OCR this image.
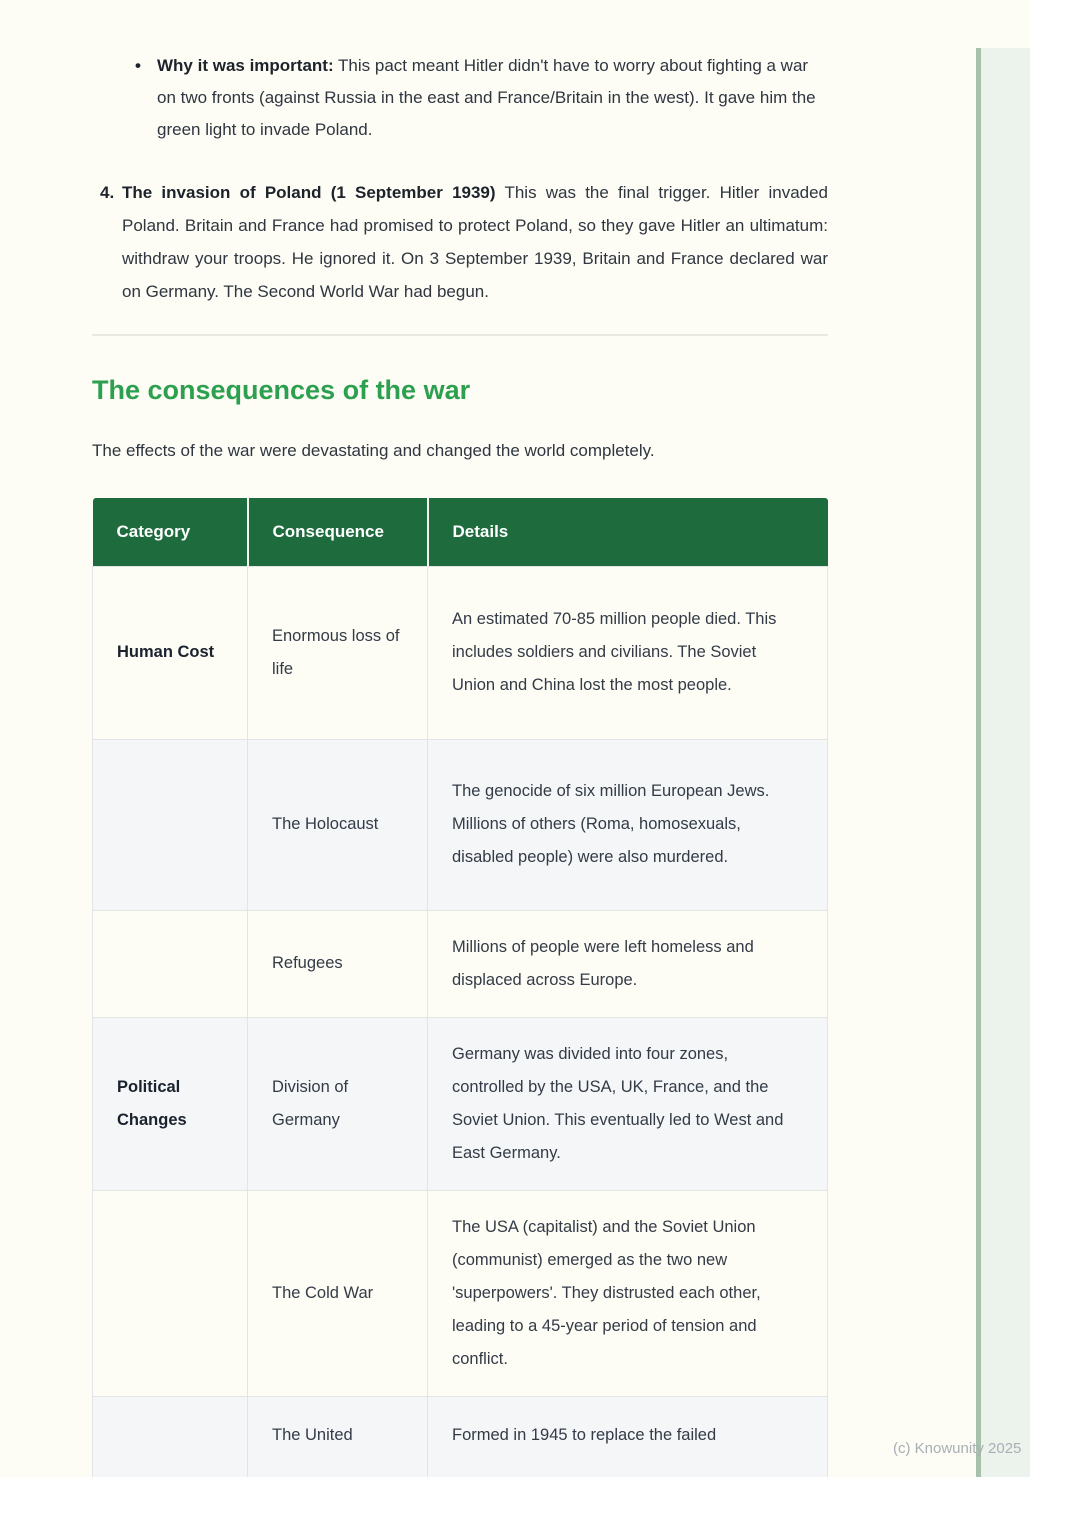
• Why it was important: This pact meant Hitler didn't have to worry about fighting a war on two fronts (against Russia in the east and France/Britain in the west). It gave him the green light to invade Poland.
4. The invasion of Poland (1 September 1939) This was the final trigger. Hitler invaded Poland. Britain and France had promised to protect Poland, so they gave Hitler an ultimatum: withdraw your troops. He ignored it. On 3 September 1939, Britain and France declared war on Germany. The Second World War had begun.
The consequences of the war

The effects of the war were devastating and changed the world completely.

Category	Consequence	Details
Human Cost	Enormous loss of life	An estimated 70-85 million people died. This includes soldiers and civilians. The Soviet Union and China lost the most people.
	The Holocaust	The genocide of six million European Jews. Millions of others (Roma, homosexuals, disabled people) were also murdered.
	Refugees	Millions of people were left homeless and displaced across Europe.
Political Changes	Division of Germany	Germany was divided into four zones, controlled by the USA, UK, France, and the Soviet Union. This eventually led to West and East Germany.
	The Cold War	The USA (capitalist) and the Soviet Union (communist) emerged as the two new 'superpowers'. They distrusted each other, leading to a 45-year period of tension and conflict.
	The United	Formed in 1945 to replace the failed
(c) Knowunity 2025
